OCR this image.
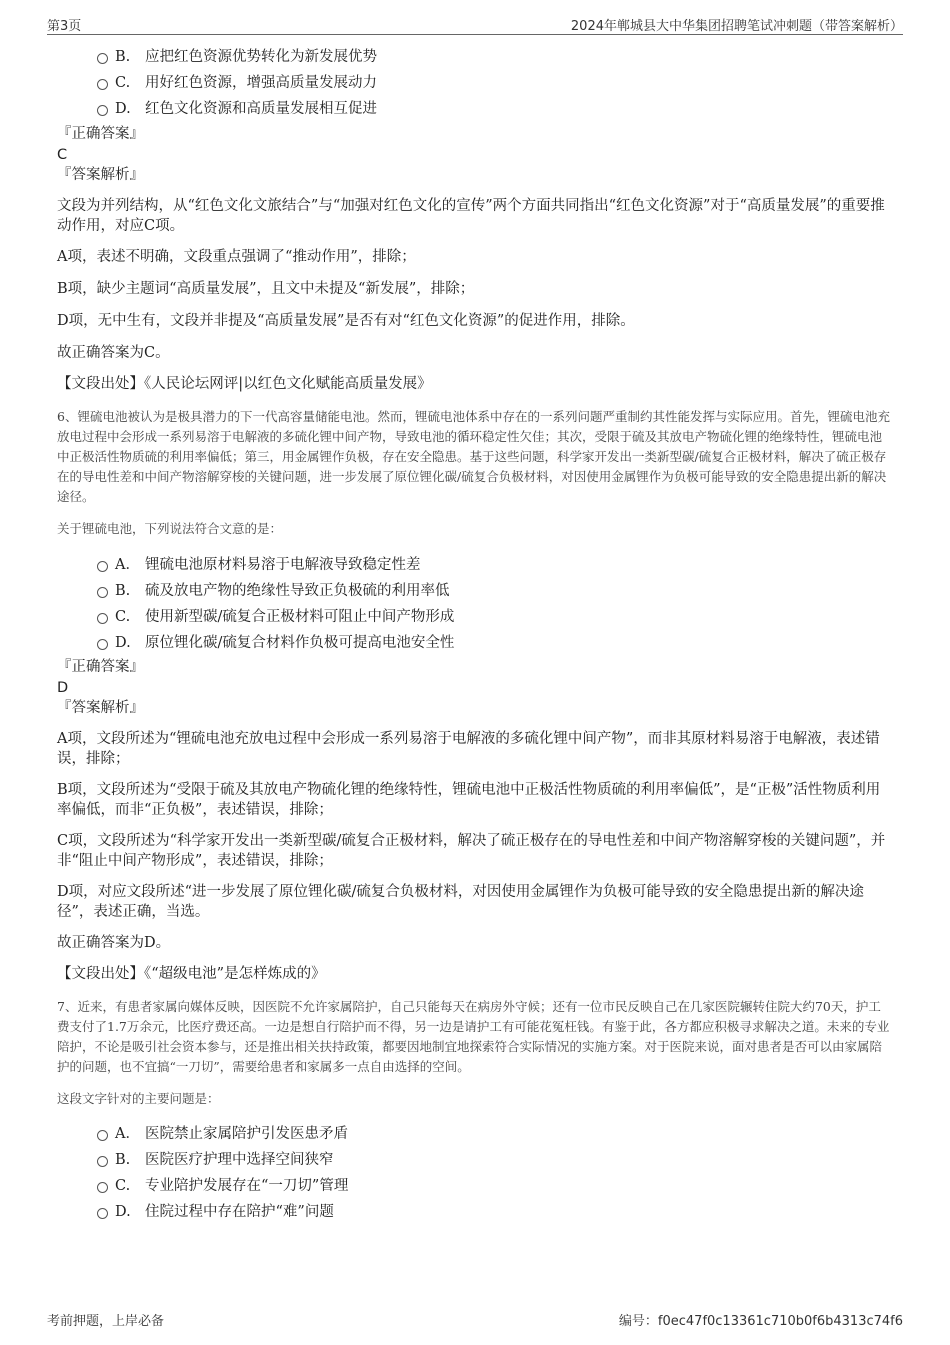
第3页	2024年郸城县大中华集团招聘笔试冲刺题（带答案解析）
B. 应把红色资源优势转化为新发展优势
C. 用好红色资源，增强高质量发展动力
D. 红色文化资源和高质量发展相互促进
『正确答案』
C
『答案解析』

文段为并列结构，从“红色文化文旅结合”与“加强对红色文化的宣传”两个方面共同指出“红色文化资源”对于“高质量发展”的重要推动作用，对应C项。

A项，表述不明确，文段重点强调了“推动作用”，排除；

B项，缺少主题词“高质量发展”，且文中未提及“新发展”，排除；

D项，无中生有，文段并非提及“高质量发展”是否有对“红色文化资源”的促进作用，排除。

故正确答案为C。

【文段出处】《人民论坛网评|以红色文化赋能高质量发展》

6、锂硫电池被认为是极具潜力的下一代高容量储能电池。然而，锂硫电池体系中存在的一系列问题严重制约其性能发挥与实际应用。首先，锂硫电池充放电过程中会形成一系列易溶于电解液的多硫化锂中间产物，导致电池的循环稳定性欠佳；其次，受限于硫及其放电产物硫化锂的绝缘特性，锂硫电池中正极活性物质硫的利用率偏低；第三，用金属锂作负极，存在安全隐患。基于这些问题，科学家开发出一类新型碳/硫复合正极材料，解决了硫正极存在的导电性差和中间产物溶解穿梭的关键问题，进一步发展了原位锂化碳/硫复合负极材料，对因使用金属锂作为负极可能导致的安全隐患提出新的解决途径。

关于锂硫电池，下列说法符合文意的是：

A． 锂硫电池原材料易溶于电解液导致稳定性差
B. 硫及放电产物的绝缘性导致正负极硫的利用率低
C. 使用新型碳/硫复合正极材料可阻止中间产物形成
D. 原位锂化碳/硫复合材料作负极可提高电池安全性
『正确答案』
D
『答案解析』

A项，文段所述为“锂硫电池充放电过程中会形成一系列易溶于电解液的多硫化锂中间产物”，而非其原材料易溶于电解液，表述错误，排除；

B项，文段所述为“受限于硫及其放电产物硫化锂的绝缘特性，锂硫电池中正极活性物质硫的利用率偏低”，是“正极”活性物质利用率偏低，而非“正负极”，表述错误，排除；

C项，文段所述为“科学家开发出一类新型碳/硫复合正极材料，解决了硫正极存在的导电性差和中间产物溶解穿梭的关键问题”，并非“阻止中间产物形成”，表述错误，排除；

D项，对应文段所述“进一步发展了原位锂化碳/硫复合负极材料，对因使用金属锂作为负极可能导致的安全隐患提出新的解决途径”，表述正确，当选。

故正确答案为D。

【文段出处】《“超级电池”是怎样炼成的》

7、近来，有患者家属向媒体反映，因医院不允许家属陪护，自己只能每天在病房外守候；还有一位市民反映自己在几家医院辗转住院大约70天，护工费支付了1.7万余元，比医疗费还高。一边是想自行陪护而不得，另一边是请护工有可能花冤枉钱。有鉴于此，各方都应积极寻求解决之道。未来的专业陪护，不论是吸引社会资本参与，还是推出相关扶持政策，都要因地制宜地探索符合实际情况的实施方案。对于医院来说，面对患者是否可以由家属陪护的问题，也不宜搞“一刀切”，需要给患者和家属多一点自由选择的空间。

这段文字针对的主要问题是：

A． 医院禁止家属陪护引发医患矛盾
B. 医院医疗护理中选择空间狭窄
C. 专业陪护发展存在“一刀切”管理
D. 住院过程中存在陪护“难”问题
考前押题，上岸必备	编号：f0ec47f0c13361c710b0f6b4313c74f6
